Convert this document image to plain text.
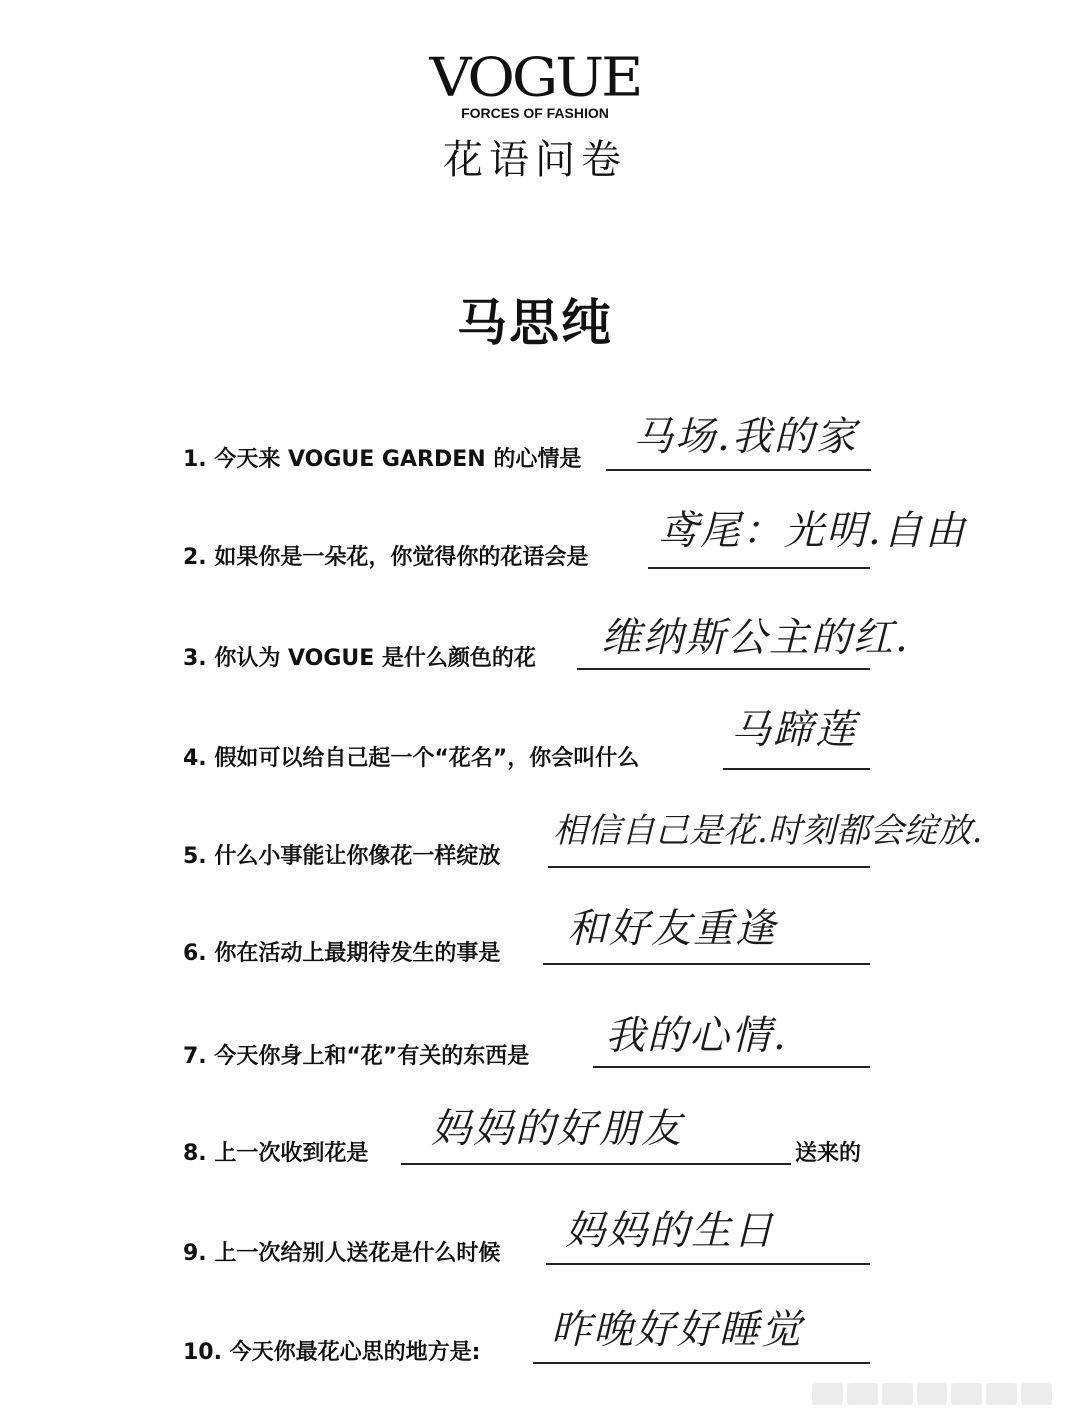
VOGUE
FORCES OF FASHION
花语问卷
马思纯
1. 今天来 VOGUE GARDEN 的心情是 马场.我的家
2. 如果你是一朵花，你觉得你的花语会是
鸢尾：光明.自由
3. 你认为 VOGUE 是什么颜色的花 维纳斯公主的红.
4. 假如可以给自己起一个“花名”，你会叫什么
马蹄莲
5. 什么小事能让你像花一样绽放
相信自己是花.时刻都会绽放.
6. 你在活动上最期待发生的事是
和好友重逢
7. 今天你身上和“花”有关的东西是 我的心情.
8. 上一次收到花是
妈妈的好朋友
送来的
9. 上一次给别人送花是什么时候 妈妈的生日
10. 今天你最花心思的地方是: 昨晚好好睡觉
